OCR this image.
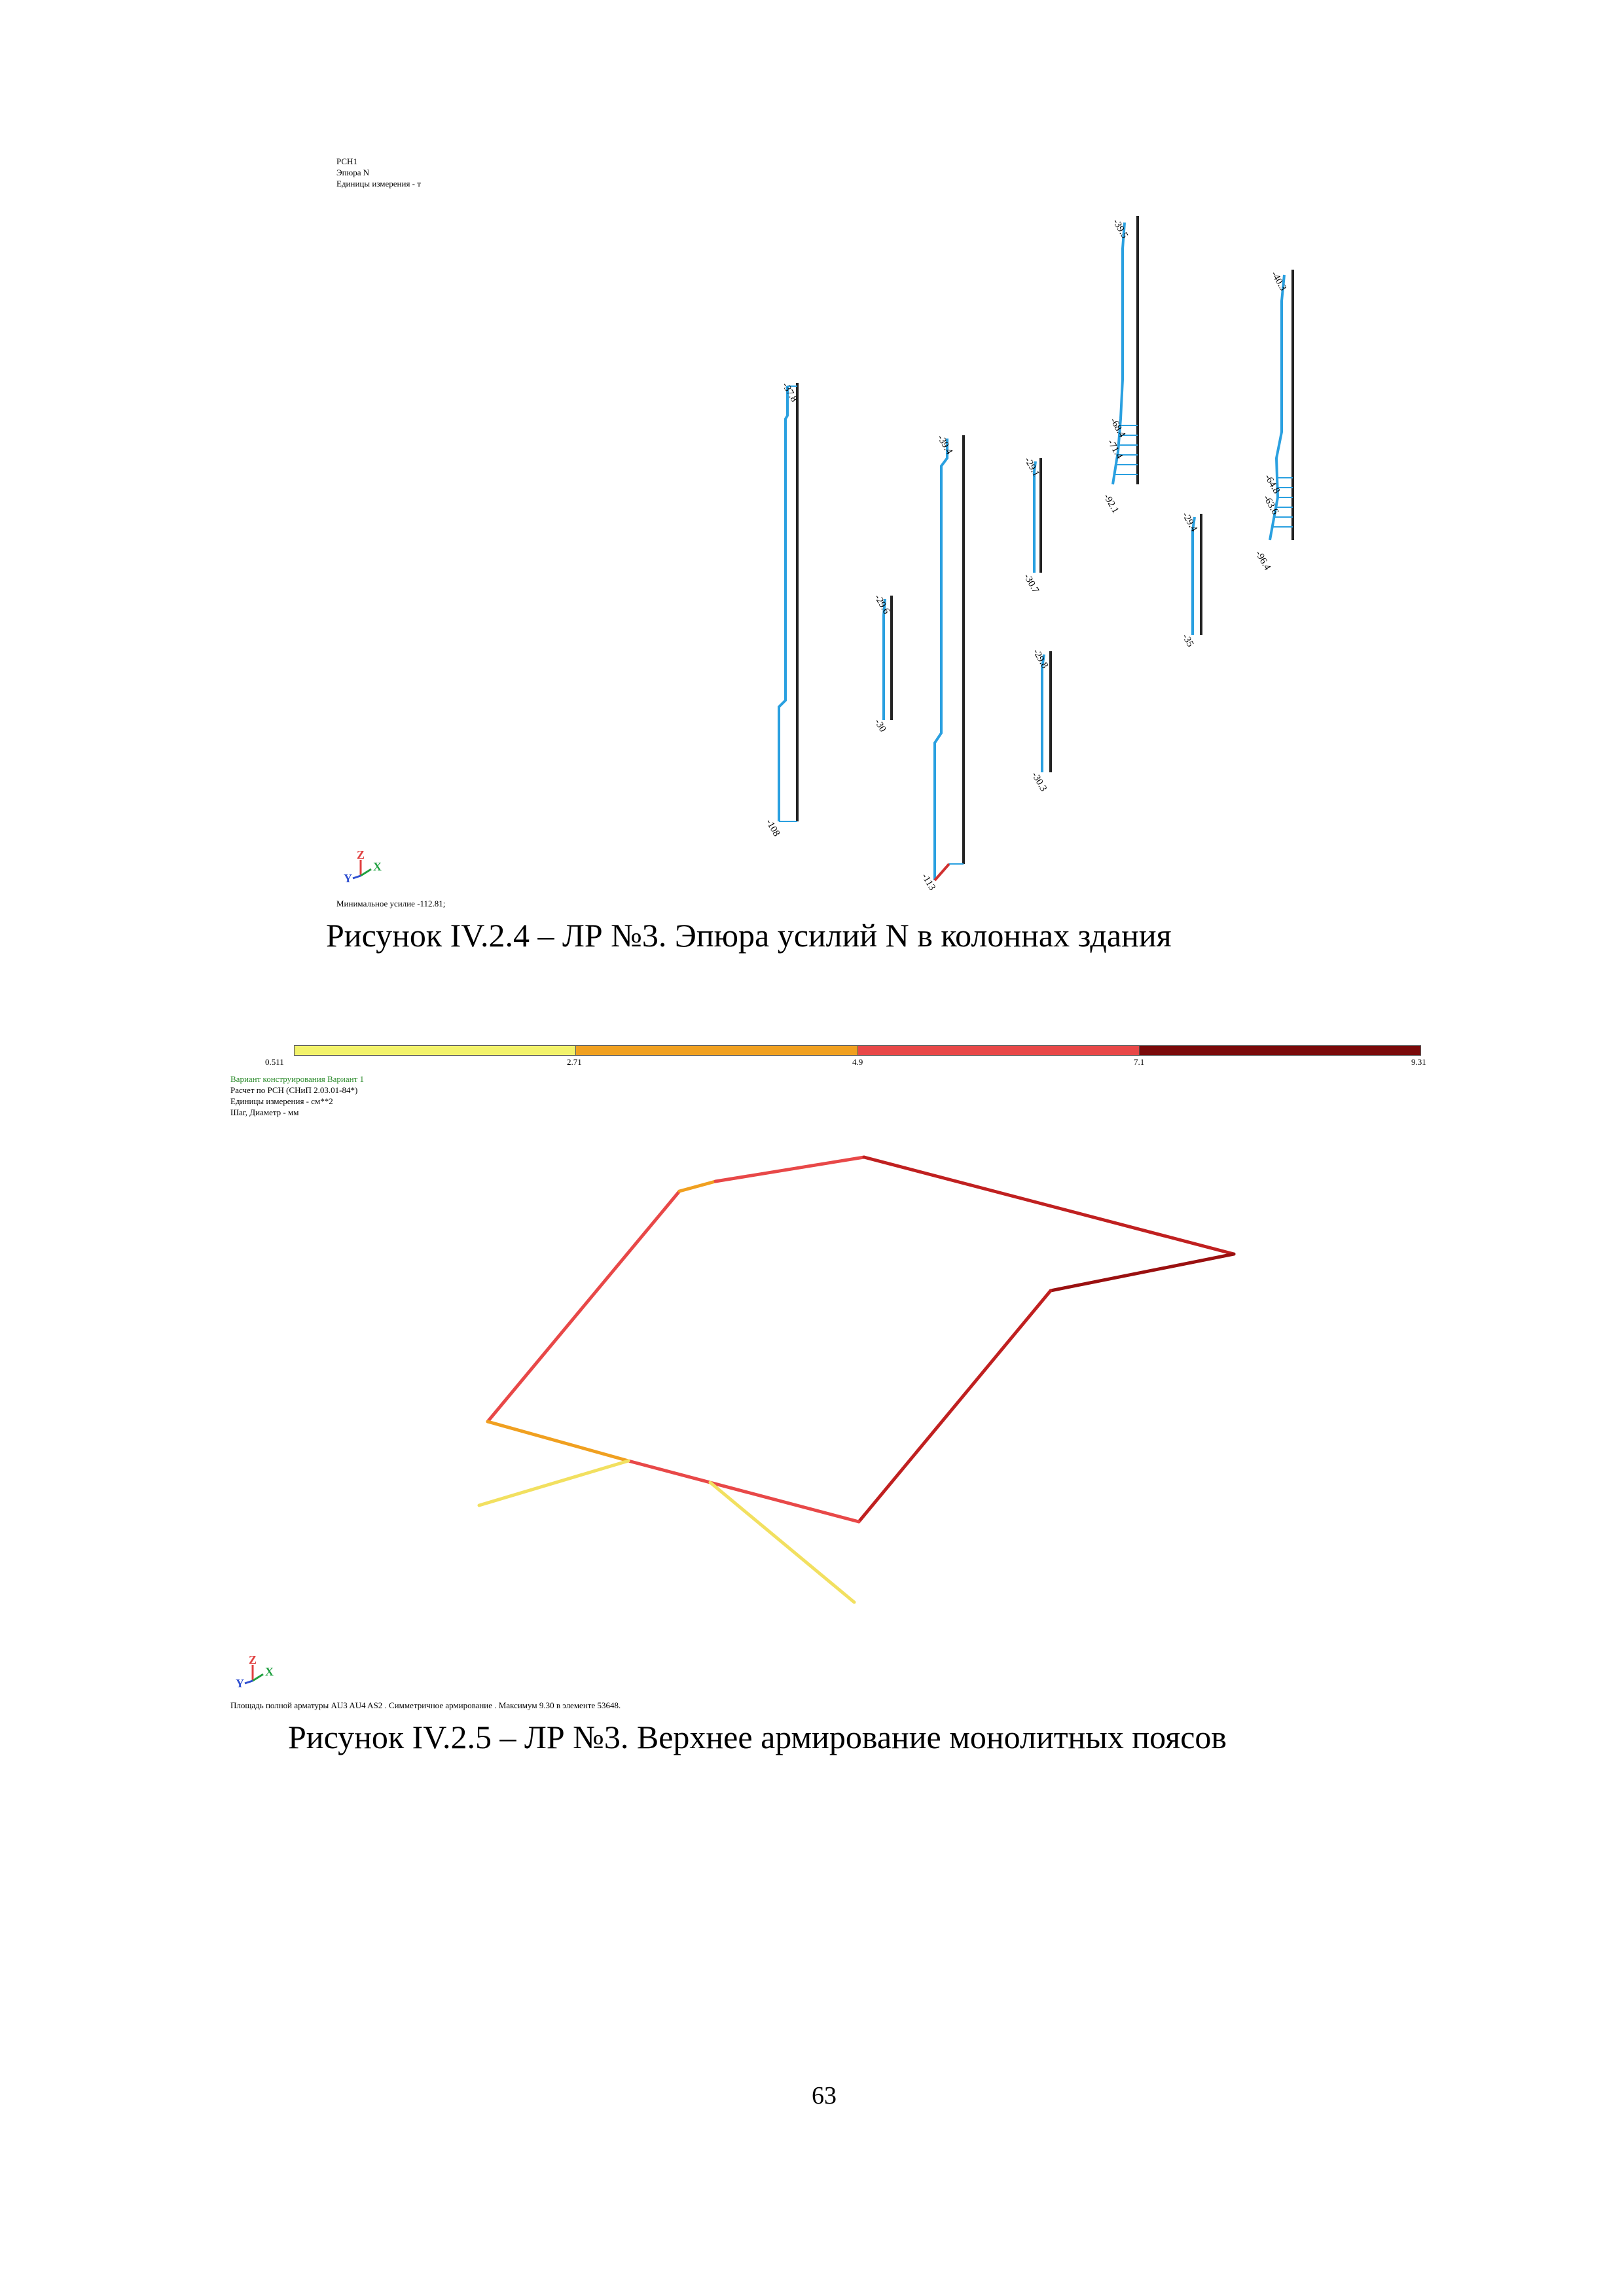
РСН1
Эпюра N
Единицы измерения - т
-37.8
-108
-39.4
-113
-29.6
-30
-29.1
-30.7
-29.8
-30.3
-39.5
-68.4
-71.4
-92.1
-29.4
-35
-40.3
-64.8
-63.6
-96.4
Z
X
Y
Минимальное усилие -112.81;
Рисунок IV.2.4 – ЛР №3. Эпюра усилий N в колоннах здания
0.511	2.71	4.9	7.1	9.31
Вариант конструирования Вариант 1
Расчет по РСН (СНиП 2.03.01-84*)
Единицы измерения - см**2
Шаг, Диаметр - мм
Z
X
Y
Площадь полной арматуры AU3 AU4 AS2 . Симметричное армирование . Максимум 9.30 в элементе 53648.
Рисунок IV.2.5 – ЛР №3. Верхнее армирование монолитных поясов
63
